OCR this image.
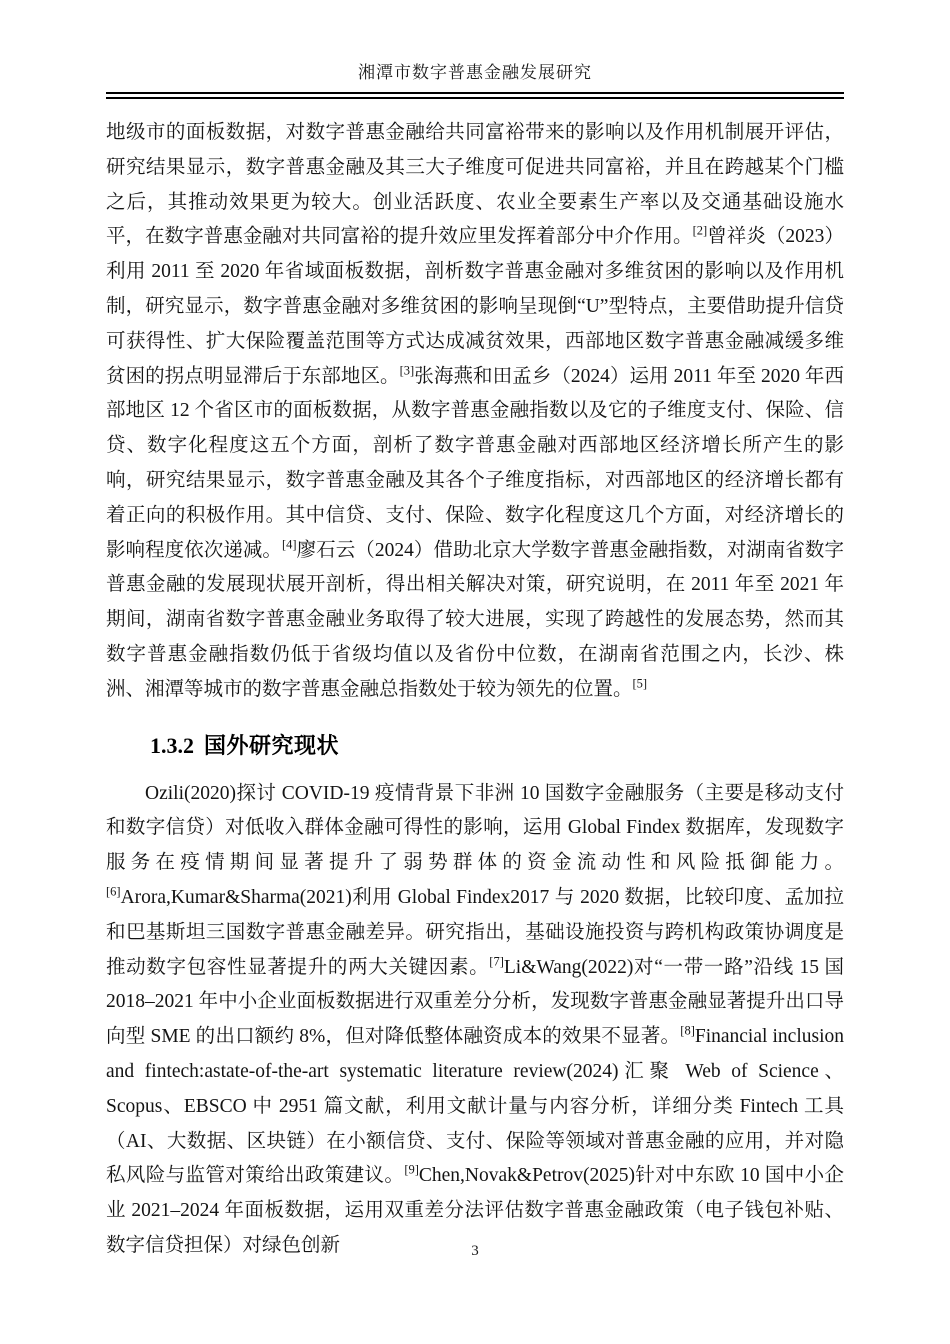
湘潭市数字普惠金融发展研究

地级市的面板数据，对数字普惠金融给共同富裕带来的影响以及作用机制展开评估，研究结果显示，数字普惠金融及其三大子维度可促进共同富裕，并且在跨越某个门槛之后，其推动效果更为较大。创业活跃度、农业全要素生产率以及交通基础设施水平，在数字普惠金融对共同富裕的提升效应里发挥着部分中介作用。[2]曾祥炎（2023）利用 2011 至 2020 年省域面板数据，剖析数字普惠金融对多维贫困的影响以及作用机制，研究显示，数字普惠金融对多维贫困的影响呈现倒“U”型特点，主要借助提升信贷可获得性、扩大保险覆盖范围等方式达成减贫效果，西部地区数字普惠金融减缓多维贫困的拐点明显滞后于东部地区。[3]张海燕和田孟乡（2024）运用 2011 年至 2020 年西部地区 12 个省区市的面板数据，从数字普惠金融指数以及它的子维度支付、保险、信贷、数字化程度这五个方面，剖析了数字普惠金融对西部地区经济增长所产生的影响，研究结果显示，数字普惠金融及其各个子维度指标，对西部地区的经济增长都有着正向的积极作用。其中信贷、支付、保险、数字化程度这几个方面，对经济增长的影响程度依次递减。[4]廖石云（2024）借助北京大学数字普惠金融指数，对湖南省数字普惠金融的发展现状展开剖析，得出相关解决对策，研究说明，在 2011 年至 2021 年期间，湖南省数字普惠金融业务取得了较大进展，实现了跨越性的发展态势，然而其数字普惠金融指数仍低于省级均值以及省份中位数，在湖南省范围之内，长沙、株洲、湘潭等城市的数字普惠金融总指数处于较为领先的位置。[5]

1.3.2 国外研究现状

Ozili(2020)探讨 COVID-19 疫情背景下非洲 10 国数字金融服务（主要是移动支付和数字信贷）对低收入群体金融可得性的影响，运用 Global Findex 数据库，发现数字服务在疫情期间显著提升了弱势群体的资金流动性和风险抵御能力。[6]Arora,Kumar&Sharma(2021)利用 Global Findex2017 与 2020 数据，比较印度、孟加拉和巴基斯坦三国数字普惠金融差异。研究指出，基础设施投资与跨机构政策协调度是推动数字包容性显著提升的两大关键因素。[7]Li&Wang(2022)对“一带一路”沿线 15 国 2018–2021 年中小企业面板数据进行双重差分分析，发现数字普惠金融显著提升出口导向型 SME 的出口额约 8%，但对降低整体融资成本的效果不显著。[8]Financial inclusion and fintech:astate-of-the-art systematic literature review(2024)汇聚 Web of Science、Scopus、EBSCO 中 2951 篇文献，利用文献计量与内容分析，详细分类 Fintech 工具（AI、大数据、区块链）在小额信贷、支付、保险等领域对普惠金融的应用，并对隐私风险与监管对策给出政策建议。[9]Chen,Novak&Petrov(2025)针对中东欧 10 国中小企业 2021–2024 年面板数据，运用双重差分法评估数字普惠金融政策（电子钱包补贴、数字信贷担保）对绿色创新	3
